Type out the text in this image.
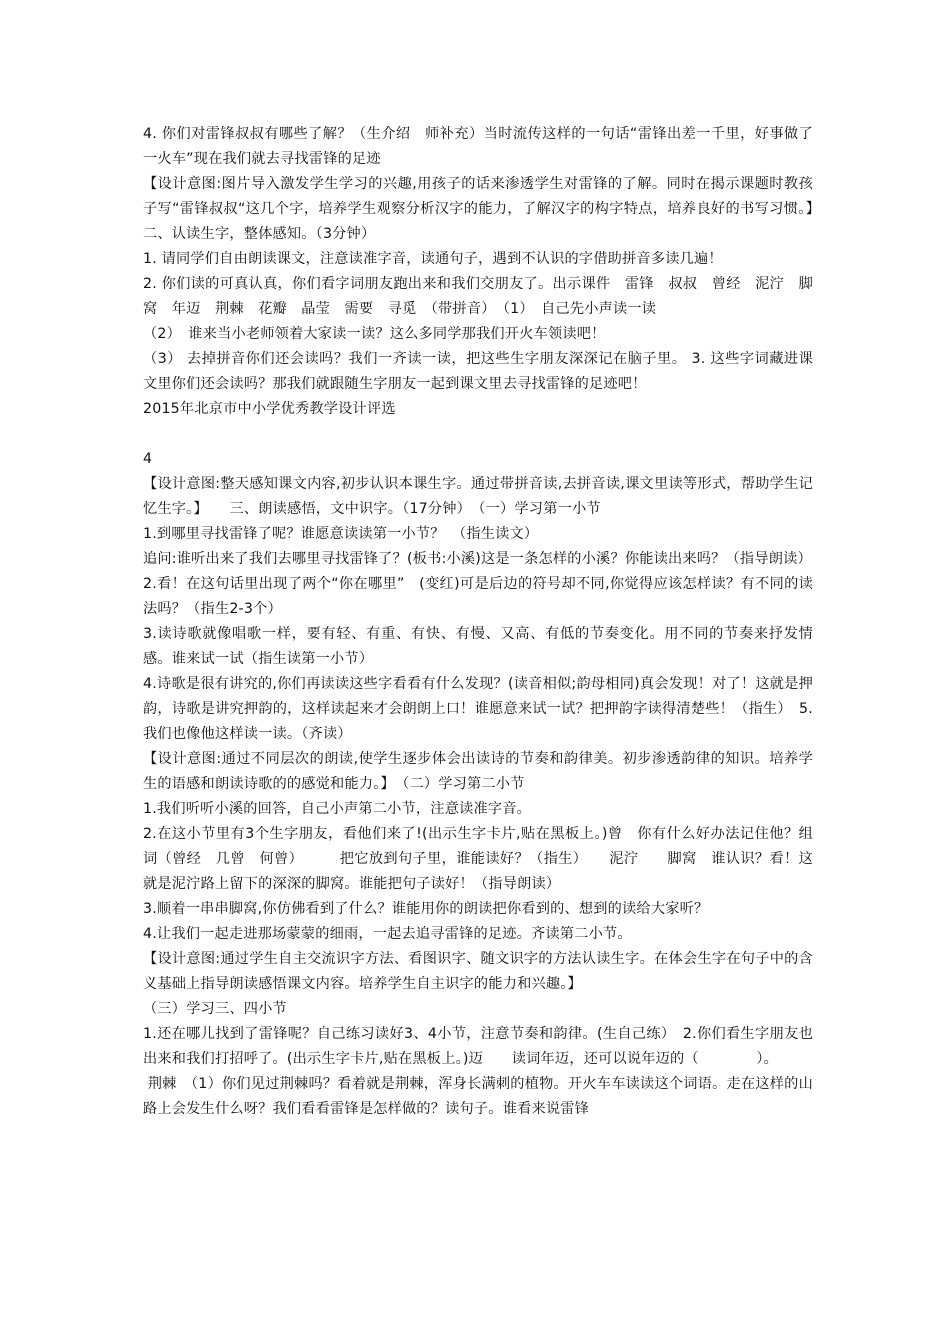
4. 你们对雷锋叔叔有哪些了解？（生介绍　师补充）当时流传这样的一句话“雷锋出差一千里，好事做了一火车”现在我们就去寻找雷锋的足迹

【设计意图:图片导入激发学生学习的兴趣,用孩子的话来渗透学生对雷锋的了解。同时在揭示课题时教孩子写“雷锋叔叔“这几个字，培养学生观察分析汉字的能力，了解汉字的构字特点，培养良好的书写习惯。】　　　二、认读生字，整体感知。（3分钟）

1. 请同学们自由朗读课文，注意读准字音，读通句子，遇到不认识的字借助拼音多读几遍！

2. 你们读的可真认真，你们看字词朋友跑出来和我们交朋友了。出示课件　雷锋　叔叔　曾经　泥泞　脚窝　年迈　荆棘　花瓣　晶莹　需要　寻觅　（带拼音）　（1）　自己先小声读一读

（2）　谁来当小老师领着大家读一读？这么多同学那我们开火车领读吧！

（3） 去掉拼音你们还会读吗？我们一齐读一读，把这些生字朋友深深记在脑子里。 3. 这些字词藏进课文里你们还会读吗？那我们就跟随生字朋友一起到课文里去寻找雷锋的足迹吧！

2015年北京市中小学优秀教学设计评选

4

【设计意图:整天感知课文内容,初步认识本课生字。通过带拼音读,去拼音读,课文里读等形式，帮助学生记忆生字。】　　三、朗读感悟，文中识字。（17分钟）　（一）学习第一小节

1.到哪里寻找雷锋了呢？谁愿意读读第一小节？　（指生读文）

追问:谁听出来了我们去哪里寻找雷锋了？(板书:小溪)这是一条怎样的小溪？你能读出来吗？（指导朗读）

2.看！在这句话里出现了两个“你在哪里”　(变红)可是后边的符号却不同,你觉得应该怎样读？有不同的读法吗？（指生2-3个）

3.读诗歌就像唱歌一样，要有轻、有重、有快、有慢、又高、有低的节奏变化。用不同的节奏来抒发情感。谁来试一试（指生读第一小节）

4.诗歌是很有讲究的,你们再读读这些字看看有什么发现？(读音相似;韵母相同)真会发现！对了！这就是押韵，诗歌是讲究押韵的，这样读起来才会朗朗上口！谁愿意来试一试？把押韵字读得清楚些！（指生）　5.我们也像他这样读一读。（齐读）

【设计意图:通过不同层次的朗读,使学生逐步体会出读诗的节奏和韵律美。初步渗透韵律的知识。培养学生的语感和朗读诗歌的的感觉和能力。】　（二）学习第二小节

1.我们听听小溪的回答，自己小声第二小节，注意读准字音。

2.在这小节里有3个生字朋友，看他们来了!(出示生字卡片,贴在黑板上。)曾　你有什么好办法记住他？组词（曾经　几曾　何曾）　　　把它放到句子里，谁能读好？（指生）　　泥泞　　脚窝　谁认识？看！这就是泥泞路上留下的深深的脚窝。谁能把句子读好！（指导朗读）

3.顺着一串串脚窝,你仿佛看到了什么？谁能用你的朗读把你看到的、想到的读给大家听？

4.让我们一起走进那场蒙蒙的细雨，一起去追寻雷锋的足迹。齐读第二小节。

【设计意图:通过学生自主交流识字方法、看图识字、随文识字的方法认读生字。在体会生字在句子中的含义基础上指导朗读感悟课文内容。培养学生自主识字的能力和兴趣。】

（三）学习三、四小节

1.还在哪儿找到了雷锋呢？自己练习读好3、4小节，注意节奏和韵律。(生自己练）　2.你们看生字朋友也出来和我们打招呼了。(出示生字卡片,贴在黑板上。)迈　　读词年迈，还可以说年迈的（　　　　）。

荆棘　（1）你们见过荆棘吗？看着就是荆棘，浑身长满刺的植物。开火车车读读这个词语。走在这样的山路上会发生什么呀？我们看看雷锋是怎样做的？读句子。谁看来说雷锋
